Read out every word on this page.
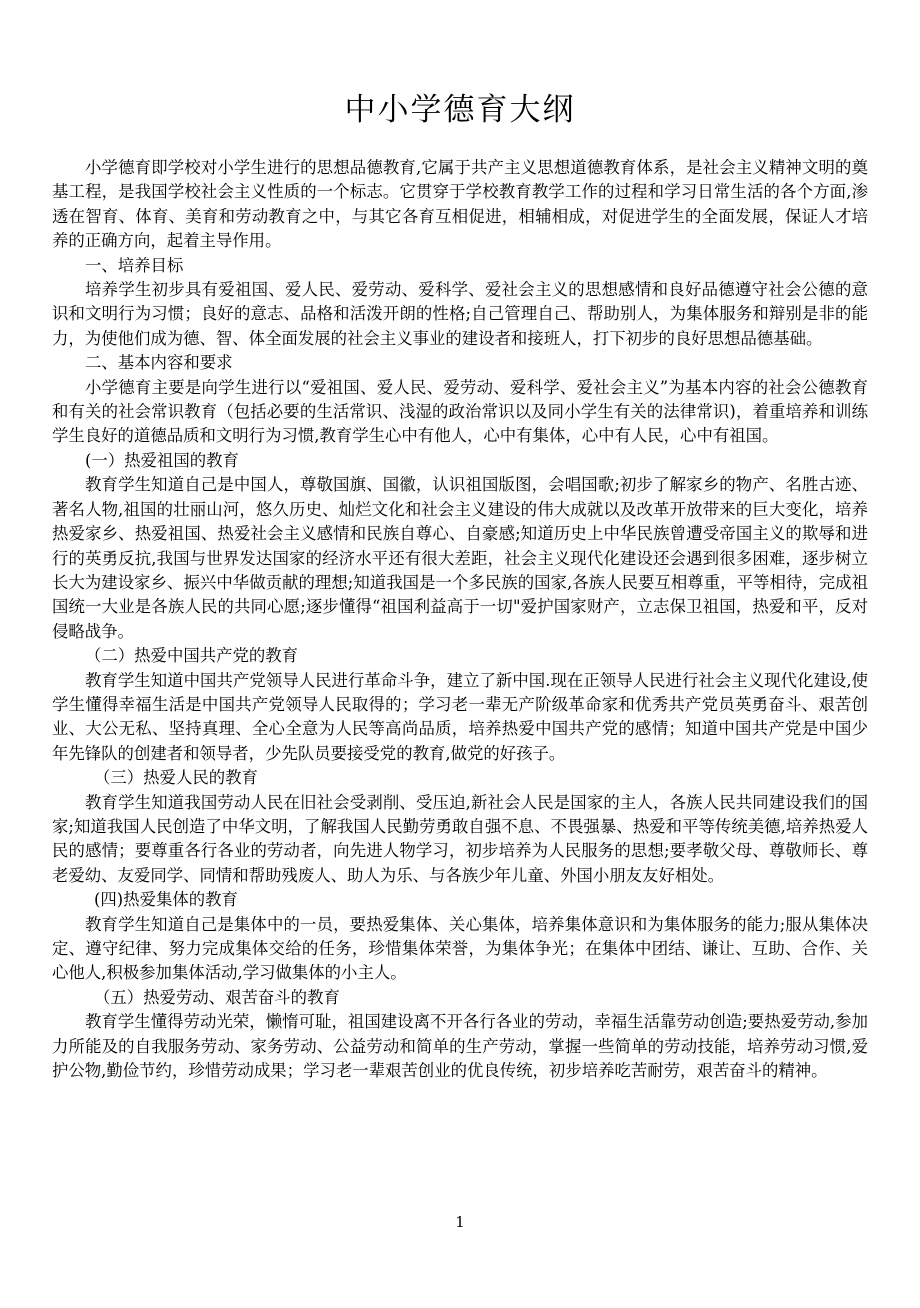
中小学德育大纲

小学德育即学校对小学生进行的思想品德教育,它属于共产主义思想道德教育体系，是社会主义精神文明的奠基工程，是我国学校社会主义性质的一个标志。它贯穿于学校教育教学工作的过程和学习日常生活的各个方面,渗透在智育、体育、美育和劳动教育之中，与其它各育互相促进，相辅相成，对促进学生的全面发展，保证人才培养的正确方向，起着主导作用。

一、培养目标

培养学生初步具有爱祖国、爱人民、爱劳动、爱科学、爱社会主义的思想感情和良好品德遵守社会公德的意识和文明行为习惯；良好的意志、品格和活泼开朗的性格;自己管理自己、帮助别人，为集体服务和辩别是非的能力，为使他们成为德、智、体全面发展的社会主义事业的建设者和接班人，打下初步的良好思想品德基础。

二、基本内容和要求

小学德育主要是向学生进行以“爱祖国、爱人民、爱劳动、爱科学、爱社会主义”为基本内容的社会公德教育和有关的社会常识教育（包括必要的生活常识、浅湿的政治常识以及同小学生有关的法律常识)，着重培养和训练学生良好的道德品质和文明行为习惯,教育学生心中有他人，心中有集体，心中有人民，心中有祖国。

(一）热爱祖国的教育

教育学生知道自己是中国人，尊敬国旗、国徽，认识祖国版图，会唱国歌;初步了解家乡的物产、名胜古迹、著名人物,祖国的壮丽山河，悠久历史、灿烂文化和社会主义建设的伟大成就以及改革开放带来的巨大变化，培养热爱家乡、热爱祖国、热爱社会主义感情和民族自尊心、自豪感;知道历史上中华民族曾遭受帝国主义的欺辱和进行的英勇反抗,我国与世界发达国家的经济水平还有很大差距，社会主义现代化建设还会遇到很多困难，逐步树立长大为建设家乡、振兴中华做贡献的理想;知道我国是一个多民族的国家,各族人民要互相尊重，平等相待，完成祖国统一大业是各族人民的共同心愿;逐步懂得“祖国利益高于一切"爱护国家财产，立志保卫祖国，热爱和平，反对侵略战争。

（二）热爱中国共产党的教育

教育学生知道中国共产党领导人民进行革命斗争，建立了新中国.现在正领导人民进行社会主义现代化建设,使学生懂得幸福生活是中国共产党领导人民取得的；学习老一辈无产阶级革命家和优秀共产党员英勇奋斗、艰苦创业、大公无私、坚持真理、全心全意为人民等高尚品质，培养热爱中国共产党的感情；知道中国共产党是中国少年先锋队的创建者和领导者，少先队员要接受党的教育,做党的好孩子。

（三）热爱人民的教育

教育学生知道我国劳动人民在旧社会受剥削、受压迫,新社会人民是国家的主人，各族人民共同建设我们的国家;知道我国人民创造了中华文明，了解我国人民勤劳勇敢自强不息、不畏强暴、热爱和平等传统美德,培养热爱人民的感情；要尊重各行各业的劳动者，向先进人物学习，初步培养为人民服务的思想;要孝敬父母、尊敬师长、尊老爱幼、友爱同学、同情和帮助残废人、助人为乐、与各族少年儿童、外国小朋友友好相处。

(四)热爱集体的教育

教育学生知道自己是集体中的一员，要热爱集体、关心集体，培养集体意识和为集体服务的能力;服从集体决定、遵守纪律、努力完成集体交给的任务，珍惜集体荣誉，为集体争光；在集体中团结、谦让、互助、合作、关心他人,积极参加集体活动,学习做集体的小主人。

（五）热爱劳动、艰苦奋斗的教育

教育学生懂得劳动光荣，懒惰可耻，祖国建设离不开各行各业的劳动，幸福生活靠劳动创造;要热爱劳动,参加力所能及的自我服务劳动、家务劳动、公益劳动和简单的生产劳动，掌握一些简单的劳动技能，培养劳动习惯,爱护公物,勤俭节约，珍惜劳动成果；学习老一辈艰苦创业的优良传统，初步培养吃苦耐劳，艰苦奋斗的精神。

1
